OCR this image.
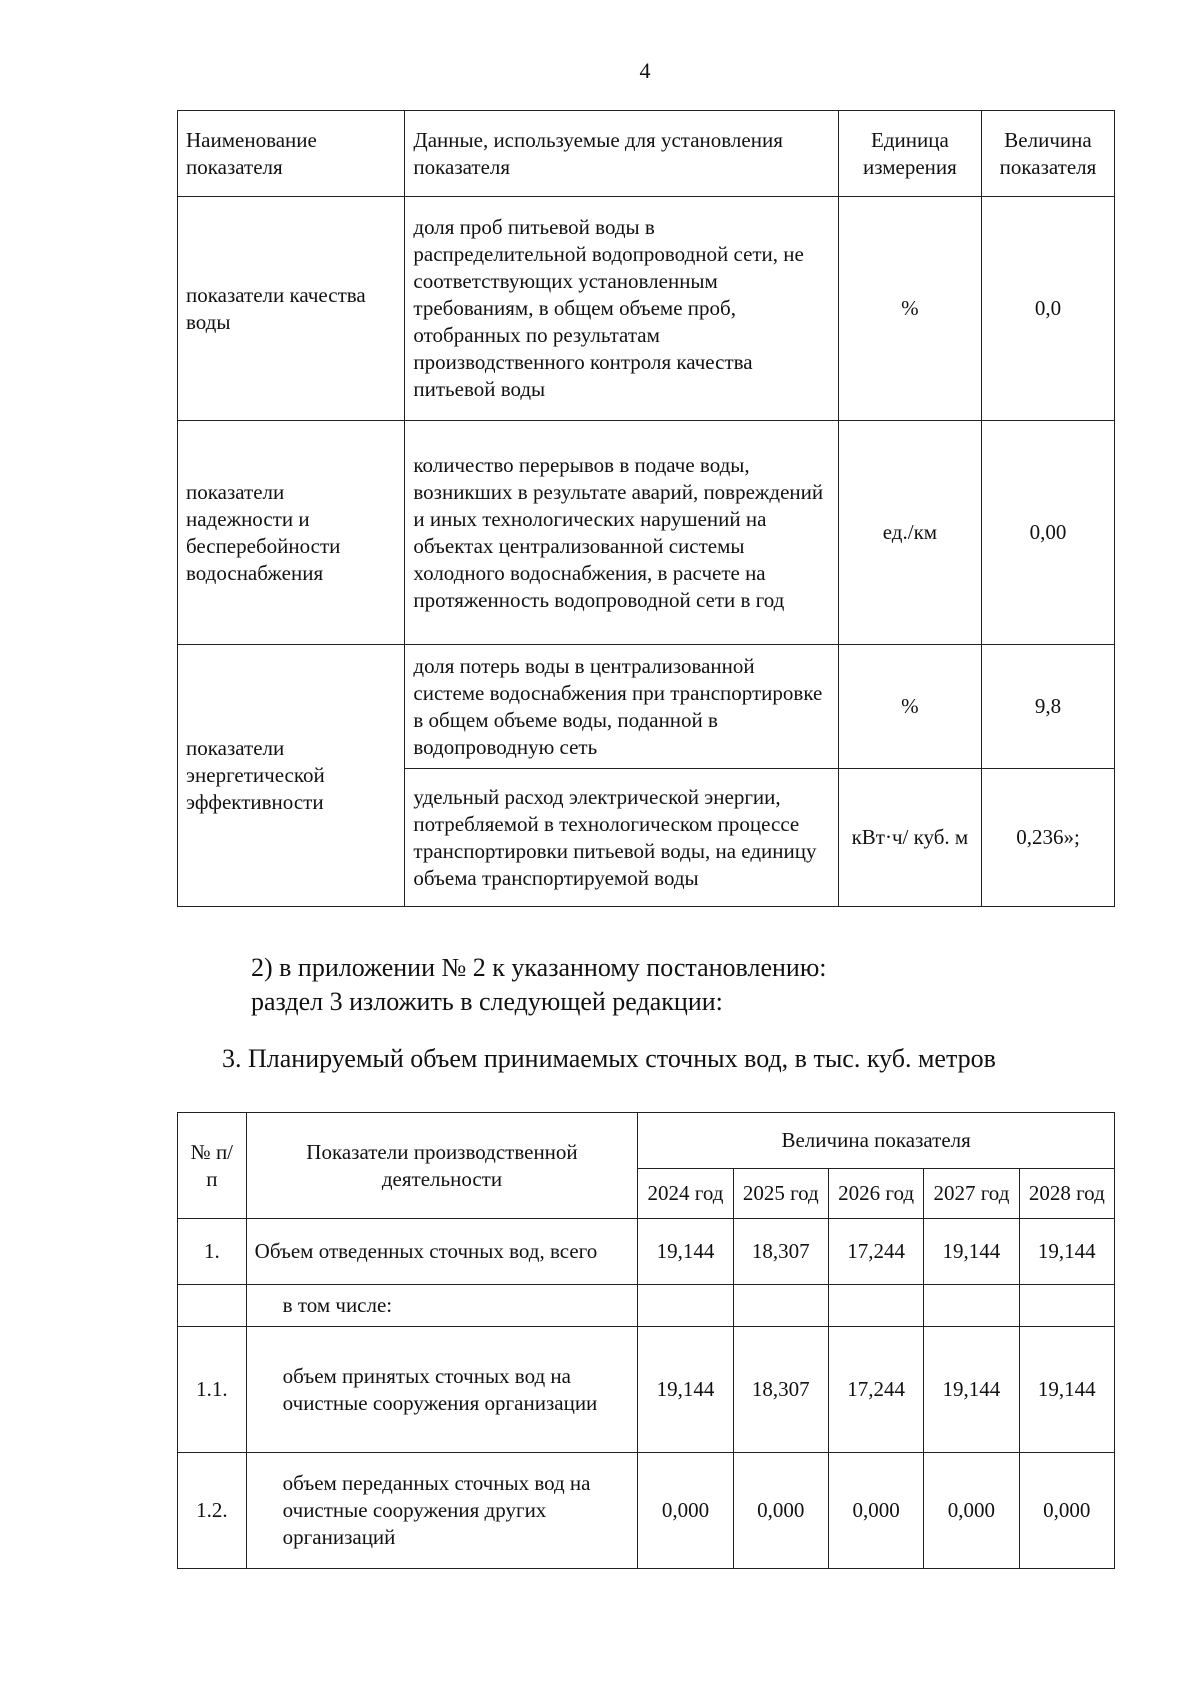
4
Наименование показателя	Данные, используемые для установления показателя	Единица измерения	Величина показателя
показатели качества воды	доля проб питьевой воды в распределительной водопроводной сети, не соответствующих установленным требованиям, в общем объеме проб, отобранных по результатам производственного контроля качества питьевой воды	%	0,0
показатели надежности и бесперебойности водоснабжения	количество перерывов в подаче воды, возникших в результате аварий, повреждений и иных технологических нарушений на объектах централизованной системы холодного водоснабжения, в расчете на протяженность водопроводной сети в год	ед./км	0,00
показатели энергетической эффективности	доля потерь воды в централизованной системе водоснабжения при транспортировке в общем объеме воды, поданной в водопроводную сеть	%	9,8
	удельный расход электрической энергии, потребляемой в технологическом процессе транспортировки питьевой воды, на единицу объема транспортируемой воды	кВт·ч/ куб. м	0,236»;
2) в приложении № 2 к указанному постановлению:
раздел 3 изложить в следующей редакции:
3. Планируемый объем принимаемых сточных вод, в тыс. куб. метров
№ п/п	Показатели производственной деятельности	Величина показателя				
		2024 год	2025 год	2026 год	2027 год	2028 год
1.	Объем отведенных сточных вод, всего	19,144	18,307	17,244	19,144	19,144
	в том числе:					
1.1.	объем принятых сточных вод на очистные сооружения организации	19,144	18,307	17,244	19,144	19,144
1.2.	объем переданных сточных вод на очистные сооружения других организаций	0,000	0,000	0,000	0,000	0,000
